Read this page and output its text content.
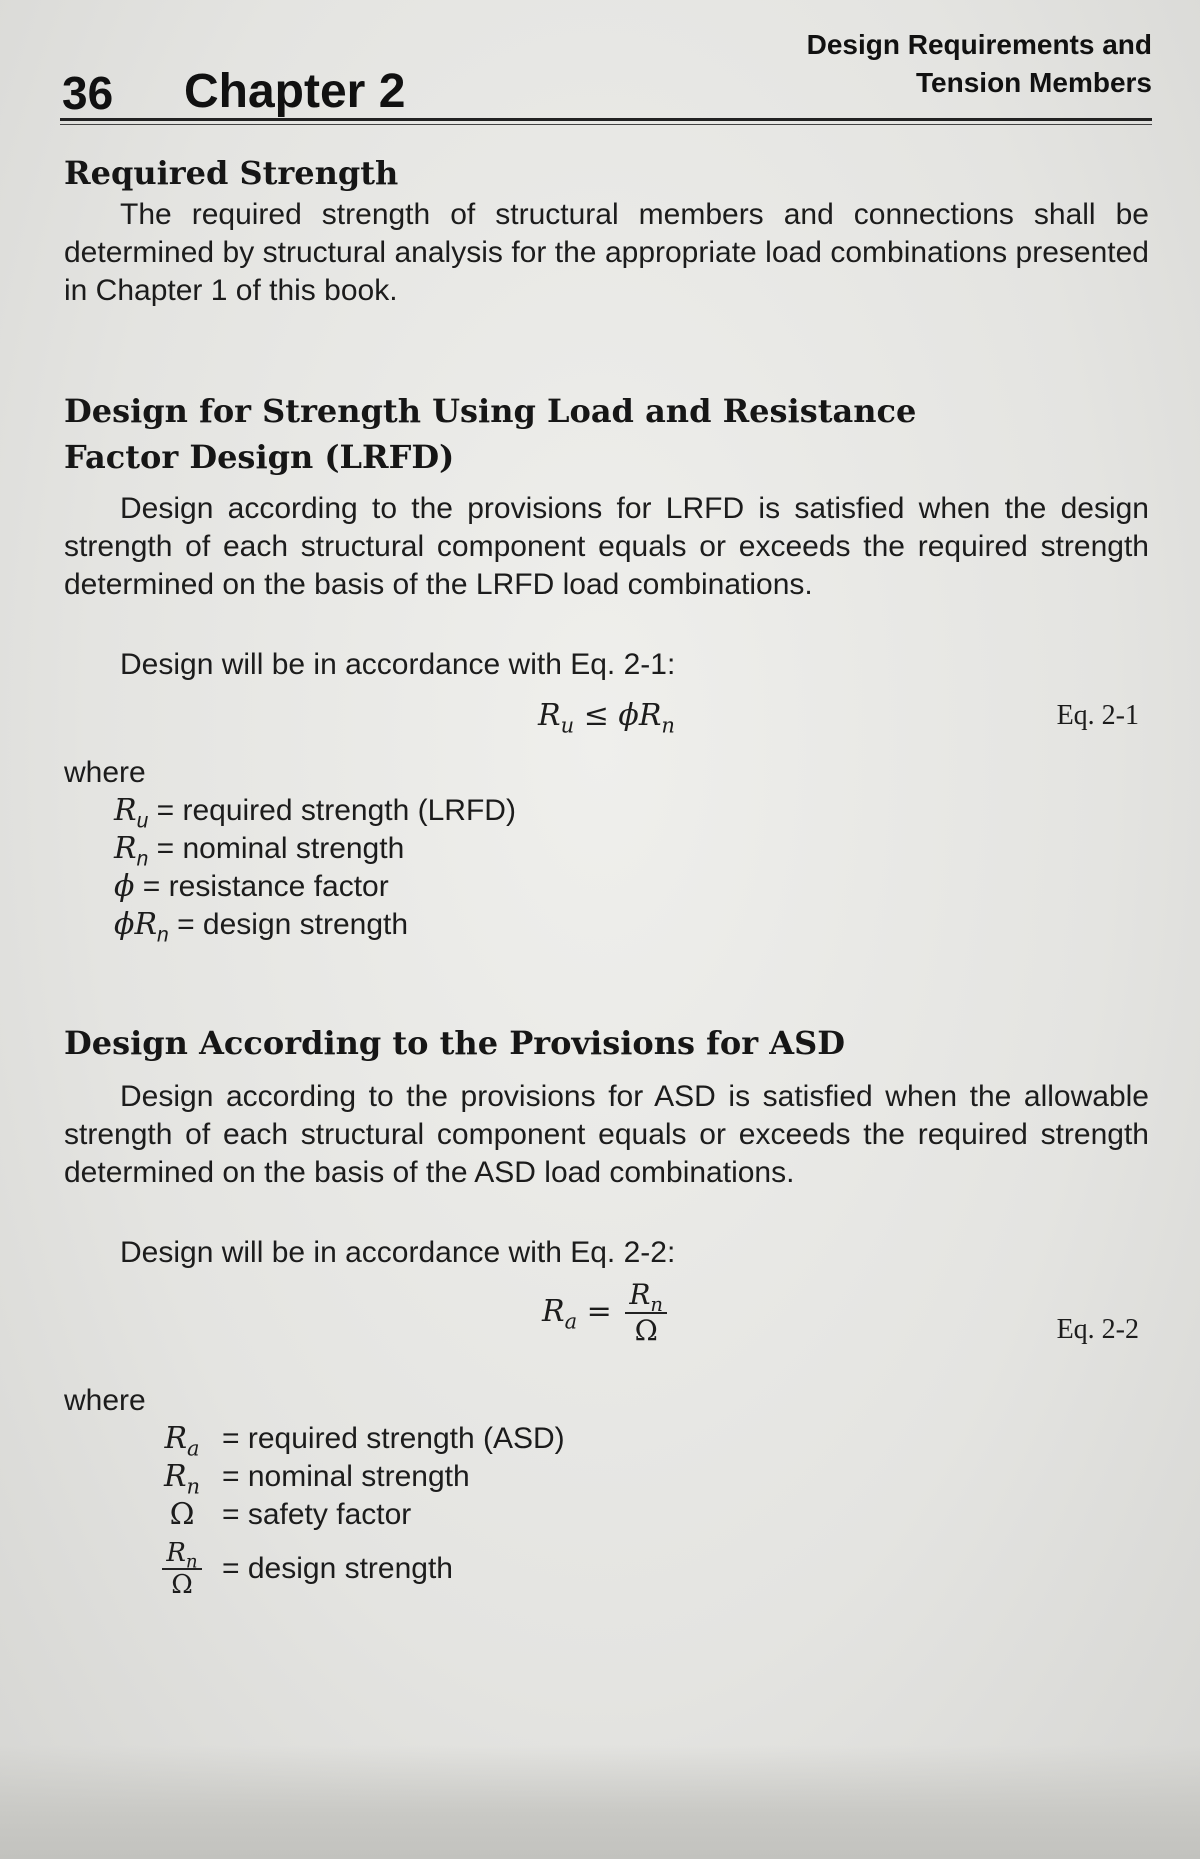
36 Chapter 2
Design Requirements and
Tension Members
Required Strength

The required strength of structural members and connections shall be determined by structural analysis for the appropriate load combinations presented in Chapter 1 of this book.

Design for Strength Using Load and Resistance
Factor Design (LRFD)

Design according to the provisions for LRFD is satisfied when the design strength of each structural component equals or exceeds the required strength determined on the basis of the LRFD load combinations.

Design will be in accordance with Eq. 2-1:

$R_u \le \phi R_n$	Eq. 2-1
where
$R_u$ = required strength (LRFD)
$R_n$ = nominal strength
ϕ = resistance factor
$\phi R_n$ = design strength
Design According to the Provisions for ASD

Design according to the provisions for ASD is satisfied when the allowable strength of each structural component equals or exceeds the required strength determined on the basis of the ASD load combinations.

Design will be in accordance with Eq. 2-2:

$R_a = \frac{R_n}{\Omega}$	Eq. 2-2
where
$R_a$ = required strength (ASD)
$R_n$ = nominal strength
Ω = safety factor
$\frac{R_n}{\Omega}$ = design strength
